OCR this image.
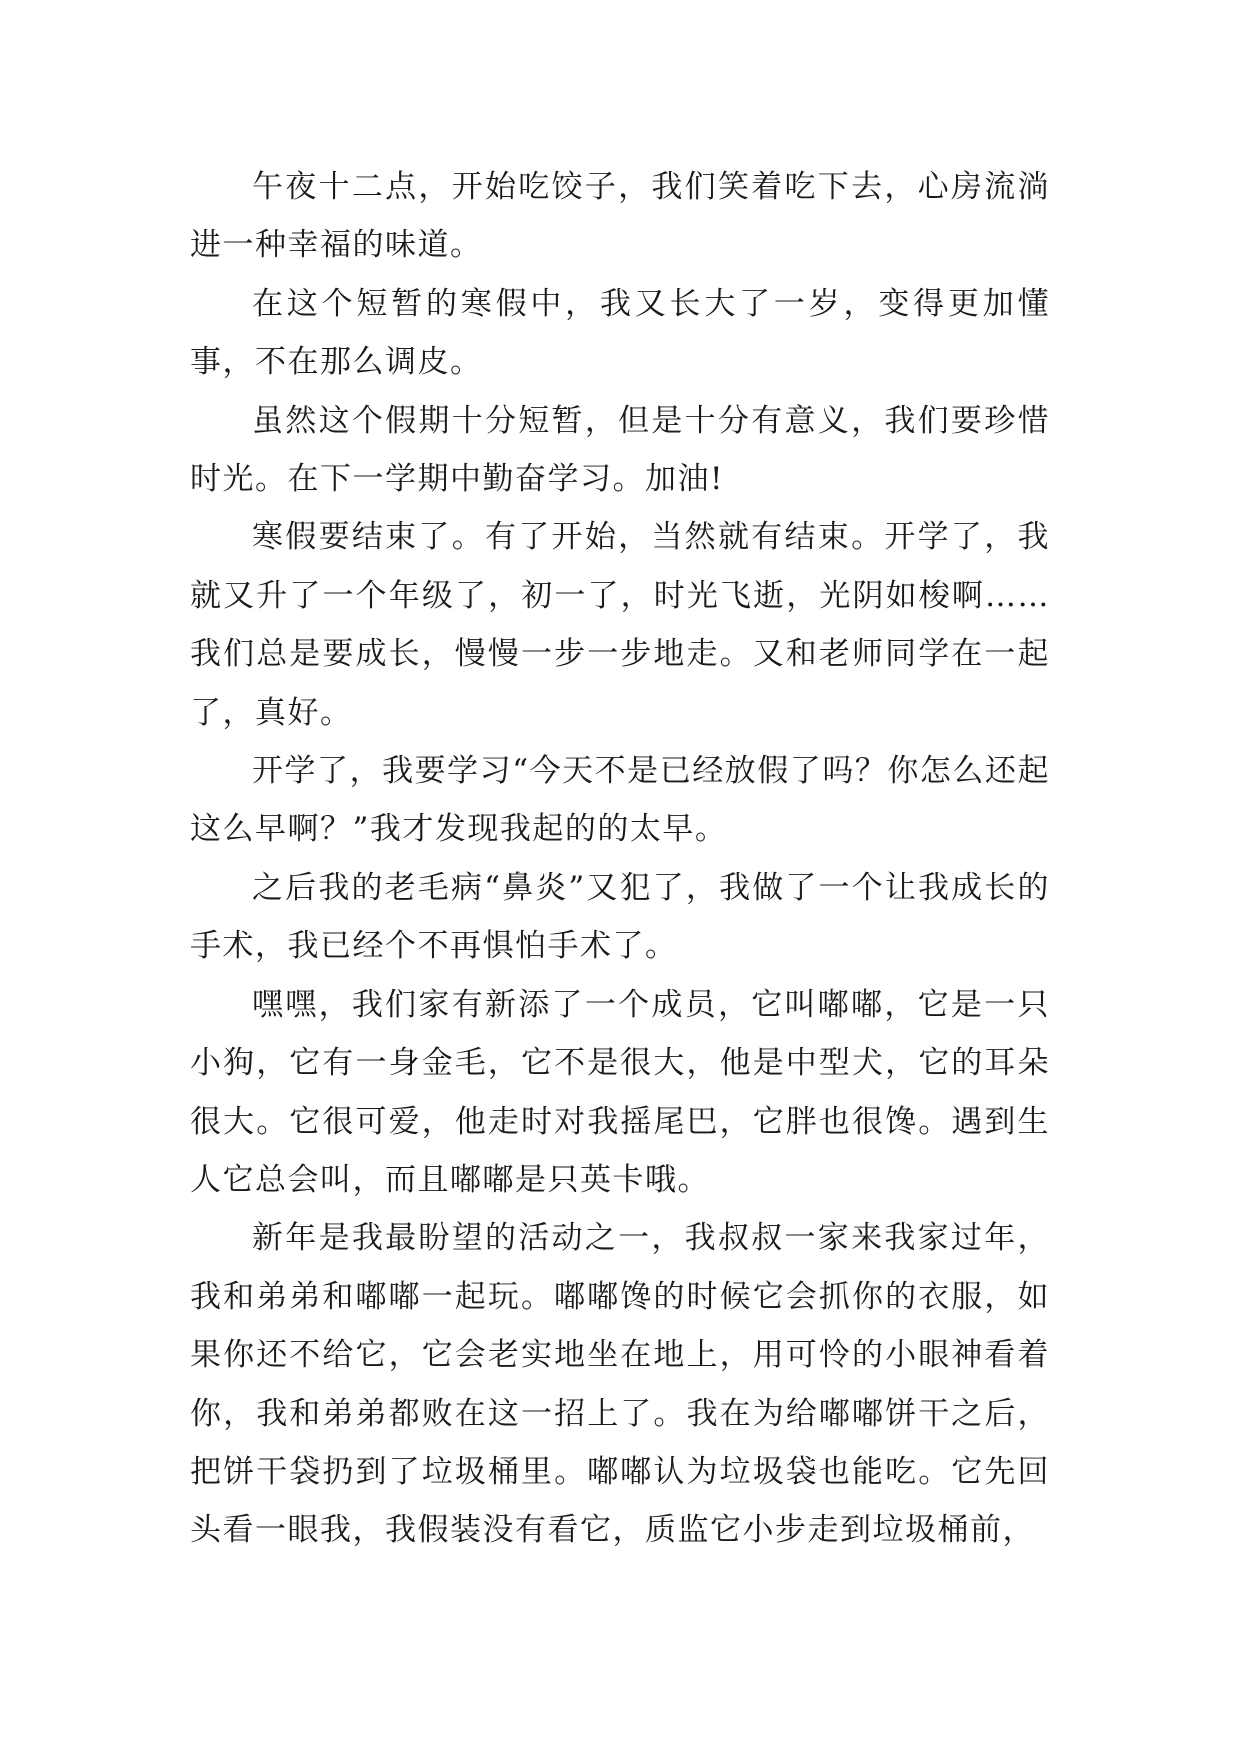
午夜十二点，开始吃饺子，我们笑着吃下去，心房流淌进一种幸福的味道。

在这个短暂的寒假中，我又长大了一岁，变得更加懂事，不在那么调皮。

虽然这个假期十分短暂，但是十分有意义，我们要珍惜时光。在下一学期中勤奋学习。加油!

寒假要结束了。有了开始，当然就有结束。开学了，我就又升了一个年级了，初一了，时光飞逝，光阴如梭啊……我们总是要成长，慢慢一步一步地走。又和老师同学在一起了，真好。

开学了，我要学习“今天不是已经放假了吗？你怎么还起这么早啊？”我才发现我起的的太早。

之后我的老毛病“鼻炎”又犯了，我做了一个让我成长的手术，我已经个不再惧怕手术了。

嘿嘿，我们家有新添了一个成员，它叫嘟嘟，它是一只小狗，它有一身金毛，它不是很大，他是中型犬，它的耳朵很大。它很可爱，他走时对我摇尾巴，它胖也很馋。遇到生人它总会叫，而且嘟嘟是只英卡哦。

新年是我最盼望的活动之一，我叔叔一家来我家过年，我和弟弟和嘟嘟一起玩。嘟嘟馋的时候它会抓你的衣服，如果你还不给它，它会老实地坐在地上，用可怜的小眼神看着你，我和弟弟都败在这一招上了。我在为给嘟嘟饼干之后，把饼干袋扔到了垃圾桶里。嘟嘟认为垃圾袋也能吃。它先回头看一眼我，我假装没有看它，质监它小步走到垃圾桶前，
